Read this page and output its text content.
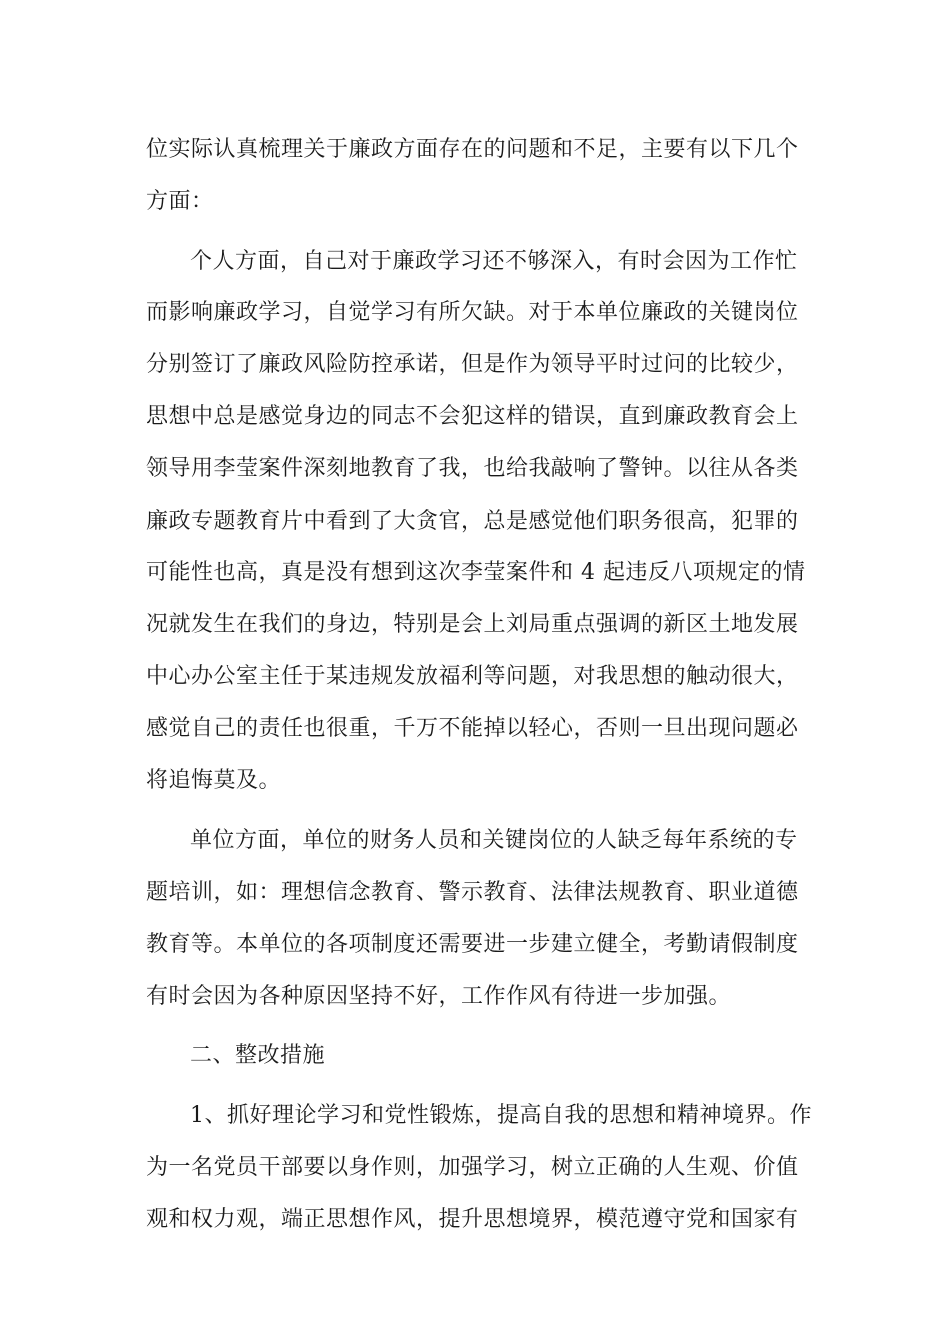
位实际认真梳理关于廉政方面存在的问题和不足，主要有以下几个
方面：
个人方面，自己对于廉政学习还不够深入，有时会因为工作忙
而影响廉政学习，自觉学习有所欠缺。对于本单位廉政的关键岗位
分别签订了廉政风险防控承诺，但是作为领导平时过问的比较少，
思想中总是感觉身边的同志不会犯这样的错误，直到廉政教育会上
领导用李莹案件深刻地教育了我，也给我敲响了警钟。以往从各类
廉政专题教育片中看到了大贪官，总是感觉他们职务很高，犯罪的
可能性也高，真是没有想到这次李莹案件和 4 起违反八项规定的情
况就发生在我们的身边，特别是会上刘局重点强调的新区土地发展
中心办公室主任于某违规发放福利等问题，对我思想的触动很大，
感觉自己的责任也很重，千万不能掉以轻心，否则一旦出现问题必
将追悔莫及。
单位方面，单位的财务人员和关键岗位的人缺乏每年系统的专
题培训，如：理想信念教育、警示教育、法律法规教育、职业道德
教育等。本单位的各项制度还需要进一步建立健全，考勤请假制度
有时会因为各种原因坚持不好，工作作风有待进一步加强。
二、整改措施
1、抓好理论学习和党性锻炼，提高自我的思想和精神境界。作
为一名党员干部要以身作则，加强学习，树立正确的人生观、价值
观和权力观，端正思想作风，提升思想境界，模范遵守党和国家有
